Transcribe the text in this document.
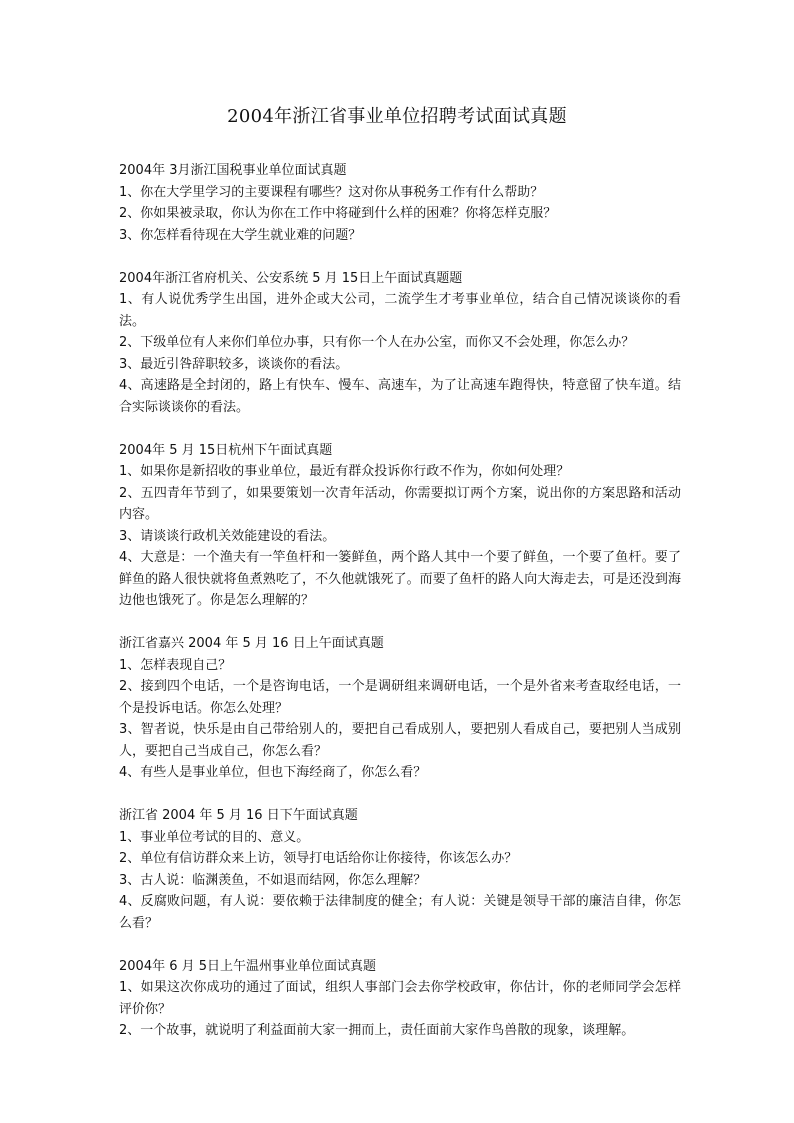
2004年浙江省事业单位招聘考试面试真题

2004年 3月浙江国税事业单位面试真题

1、你在大学里学习的主要课程有哪些？这对你从事税务工作有什么帮助？

2、你如果被录取，你认为你在工作中将碰到什么样的困难？你将怎样克服？

3、你怎样看待现在大学生就业难的问题？

2004年浙江省府机关、公安系统 5 月 15日上午面试真题题

1、有人说优秀学生出国，进外企或大公司，二流学生才考事业单位，结合自己情况谈谈你的看法。

2、下级单位有人来你们单位办事，只有你一个人在办公室，而你又不会处理，你怎么办？

3、最近引咎辞职较多，谈谈你的看法。

4、高速路是全封闭的，路上有快车、慢车、高速车，为了让高速车跑得快，特意留了快车道。结合实际谈谈你的看法。

2004年 5 月 15日杭州下午面试真题

1、如果你是新招收的事业单位，最近有群众投诉你行政不作为，你如何处理？

2、五四青年节到了，如果要策划一次青年活动，你需要拟订两个方案，说出你的方案思路和活动内容。

3、请谈谈行政机关效能建设的看法。

4、大意是：一个渔夫有一竿鱼杆和一篓鲜鱼，两个路人其中一个要了鲜鱼，一个要了鱼杆。要了鲜鱼的路人很快就将鱼煮熟吃了，不久他就饿死了。而要了鱼杆的路人向大海走去，可是还没到海边他也饿死了。你是怎么理解的？

浙江省嘉兴 2004 年 5 月 16 日上午面试真题

1、怎样表现自己？

2、接到四个电话，一个是咨询电话，一个是调研组来调研电话，一个是外省来考查取经电话，一个是投诉电话。你怎么处理？

3、智者说，快乐是由自己带给别人的，要把自己看成别人，要把别人看成自己，要把别人当成别人，要把自己当成自己，你怎么看？

4、有些人是事业单位，但也下海经商了，你怎么看？

浙江省 2004 年 5 月 16 日下午面试真题

1、事业单位考试的目的、意义。

2、单位有信访群众来上访，领导打电话给你让你接待，你该怎么办？

3、古人说：临渊羡鱼，不如退而结网，你怎么理解？

4、反腐败问题，有人说：要依赖于法律制度的健全；有人说：关键是领导干部的廉洁自律，你怎么看？

2004年 6 月 5日上午温州事业单位面试真题

1、如果这次你成功的通过了面试，组织人事部门会去你学校政审，你估计，你的老师同学会怎样评价你？

2、一个故事，就说明了利益面前大家一拥而上，责任面前大家作鸟兽散的现象，谈理解。
